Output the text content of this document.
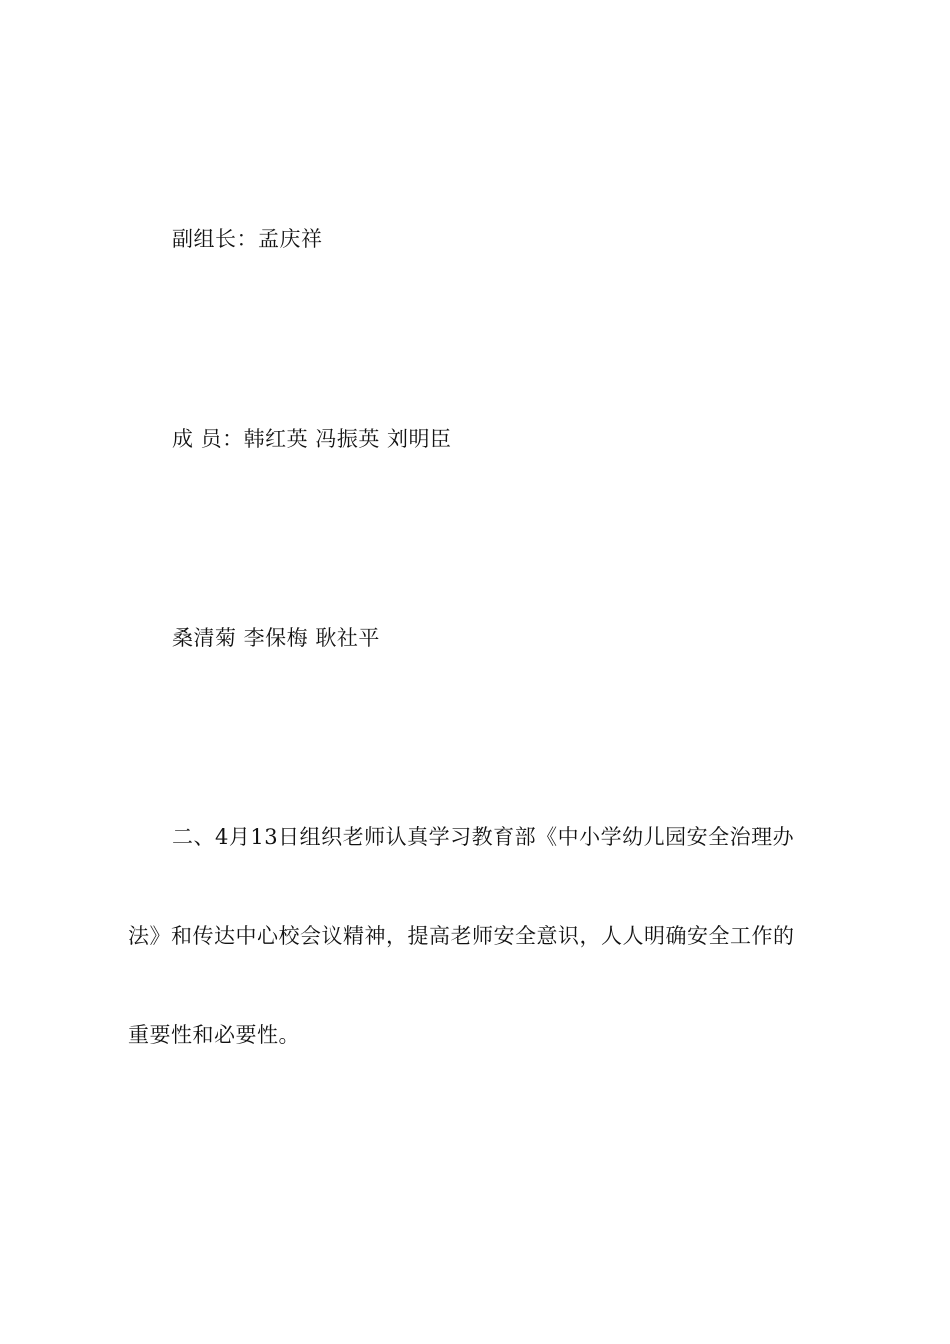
副组长：孟庆祥
成 员：韩红英 冯振英 刘明臣
桑清菊 李保梅 耿社平
二、4月13日组织老师认真学习教育部《中小学幼儿园安全治理办
法》和传达中心校会议精神，提高老师安全意识，人人明确安全工作的
重要性和必要性。
